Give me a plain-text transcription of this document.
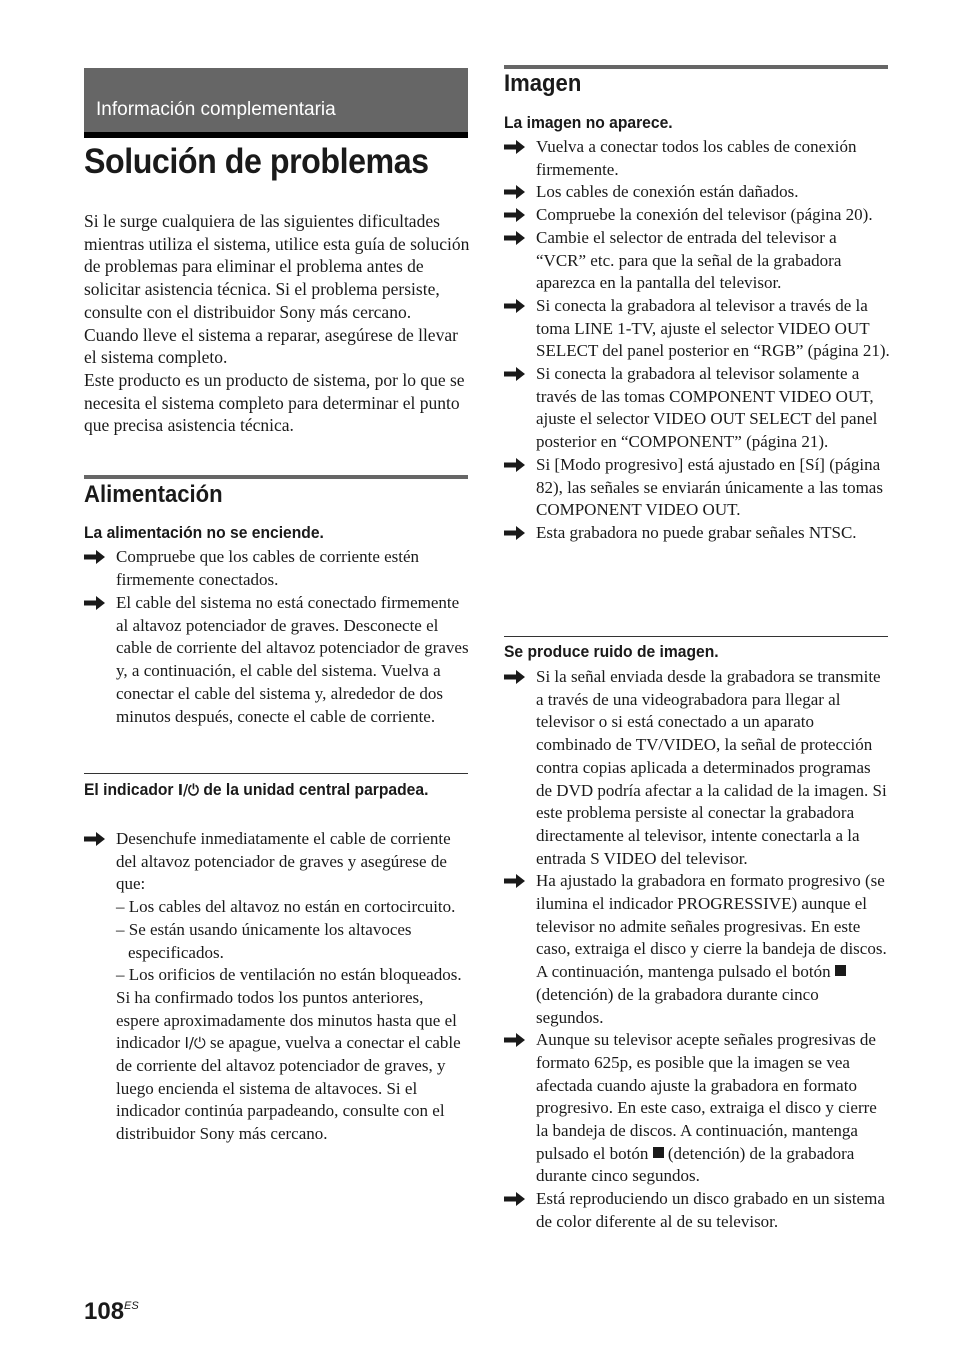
Información complementaria
Solución de problemas

Si le surge cualquiera de las siguientes dificultades mientras utiliza el sistema, utilice esta guía de solución de problemas para eliminar el problema antes de solicitar asistencia técnica. Si el problema persiste, consulte con el distribuidor Sony más cercano.

Cuando lleve el sistema a reparar, asegúrese de llevar el sistema completo.

Este producto es un producto de sistema, por lo que se necesita el sistema completo para determinar el punto que precisa asistencia técnica.

Alimentación
La alimentación no se enciende.
Compruebe que los cables de corriente estén firmemente conectados.
El cable del sistema no está conectado firmemente al altavoz potenciador de graves. Desconecte el cable de corriente del altavoz potenciador de graves y, a continuación, el cable del sistema. Vuelva a conectar el cable del sistema y, alrededor de dos minutos después, conecte el cable de corriente.
El indicador I/⏻ de la unidad central parpadea.
Desenchufe inmediatamente el cable de corriente del altavoz potenciador de graves y asegúrese de que:
– Los cables del altavoz no están en cortocircuito.
– Se están usando únicamente los altavoces especificados.
– Los orificios de ventilación no están bloqueados.
Si ha confirmado todos los puntos anteriores, espere aproximadamente dos minutos hasta que el indicador I/⏻ se apague, vuelva a conectar el cable de corriente del altavoz potenciador de graves, y luego encienda el sistema de altavoces. Si el indicador continúa parpadeando, consulte con el distribuidor Sony más cercano.
Imagen
La imagen no aparece.
Vuelva a conectar todos los cables de conexión firmemente.
Los cables de conexión están dañados.
Compruebe la conexión del televisor (página 20).
Cambie el selector de entrada del televisor a “VCR” etc. para que la señal de la grabadora aparezca en la pantalla del televisor.
Si conecta la grabadora al televisor a través de la toma LINE 1-TV, ajuste el selector VIDEO OUT SELECT del panel posterior en “RGB” (página 21).
Si conecta la grabadora al televisor solamente a través de las tomas COMPONENT VIDEO OUT, ajuste el selector VIDEO OUT SELECT del panel posterior en “COMPONENT” (página 21).
Si [Modo progresivo] está ajustado en [Sí] (página 82), las señales se enviarán únicamente a las tomas COMPONENT VIDEO OUT.
Esta grabadora no puede grabar señales NTSC.
Se produce ruido de imagen.
Si la señal enviada desde la grabadora se transmite a través de una videograbadora para llegar al televisor o si está conectado a un aparato combinado de TV/VIDEO, la señal de protección contra copias aplicada a determinados programas de DVD podría afectar a la calidad de la imagen. Si este problema persiste al conectar la grabadora directamente al televisor, intente conectarla a la entrada S VIDEO del televisor.
Ha ajustado la grabadora en formato progresivo (se ilumina el indicador PROGRESSIVE) aunque el televisor no admite señales progresivas. En este caso, extraiga el disco y cierre la bandeja de discos. A continuación, mantenga pulsado el botón  (detención) de la grabadora durante cinco segundos.
Aunque su televisor acepte señales progresivas de formato 625p, es posible que la imagen se vea afectada cuando ajuste la grabadora en formato progresivo. En este caso, extraiga el disco y cierre la bandeja de discos. A continuación, mantenga pulsado el botón  (detención) de la grabadora durante cinco segundos.
Está reproduciendo un disco grabado en un sistema de color diferente al de su televisor.
$108^{ES}$
